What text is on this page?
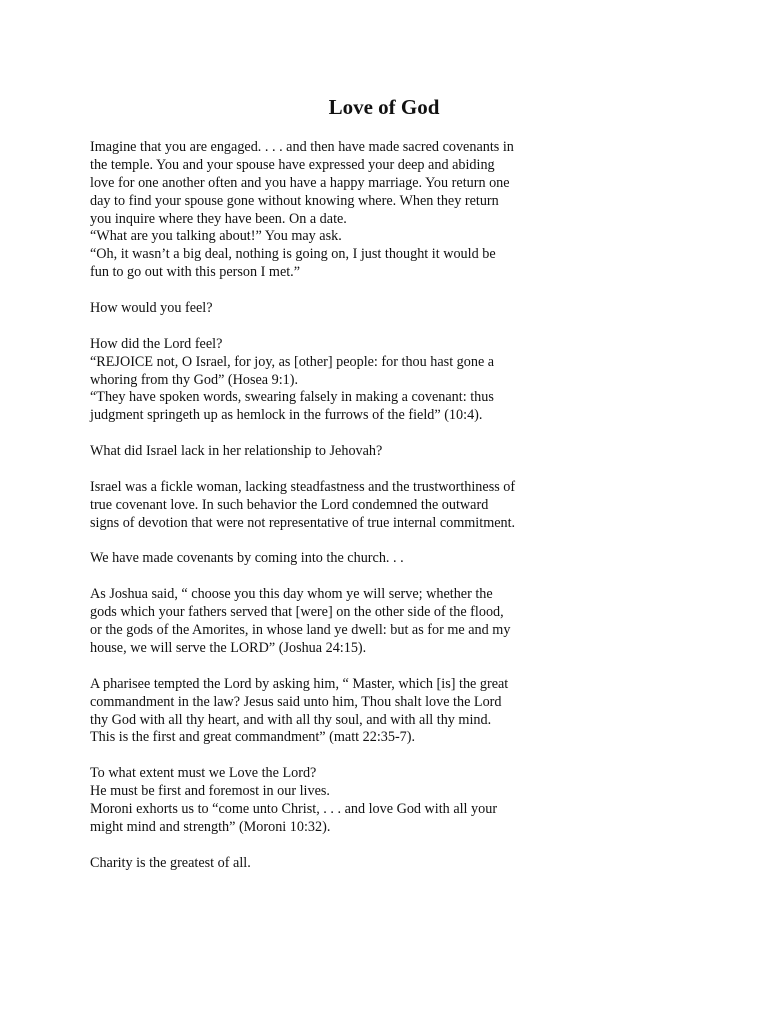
Love of God
Imagine that you are engaged. . . . and then have made sacred covenants in
the temple. You and your spouse have expressed your deep and abiding
love for one another often and you have a happy marriage. You return one
day to find your spouse gone without knowing where. When they return
you inquire where they have been. On a date.
“What are you talking about!” You may ask.
“Oh, it wasn’t a big deal, nothing is going on, I just thought it would be
fun to go out with this person I met.”
How would you feel?
How did the Lord feel?
“REJOICE not, O Israel, for joy, as [other] people: for thou hast gone a
whoring from thy God” (Hosea 9:1).
“They have spoken words, swearing falsely in making a covenant: thus
judgment springeth up as hemlock in the furrows of the field” (10:4).
What did Israel lack in her relationship to Jehovah?
Israel was a fickle woman, lacking steadfastness and the trustworthiness of
true covenant love. In such behavior the Lord condemned the outward
signs of devotion that were not representative of true internal commitment.
We have made covenants by coming into the church. . .
As Joshua said, “ choose you this day whom ye will serve; whether the
gods which your fathers served that [were] on the other side of the flood,
or the gods of the Amorites, in whose land ye dwell: but as for me and my
house, we will serve the LORD” (Joshua 24:15).
A pharisee tempted the Lord by asking him, “ Master, which [is] the great
commandment in the law? Jesus said unto him, Thou shalt love the Lord
thy God with all thy heart, and with all thy soul, and with all thy mind.
This is the first and great commandment” (matt 22:35-7).
To what extent must we Love the Lord?
He must be first and foremost in our lives.
Moroni exhorts us to “come unto Christ, . . . and love God with all your
might mind and strength” (Moroni 10:32).
Charity is the greatest of all.
